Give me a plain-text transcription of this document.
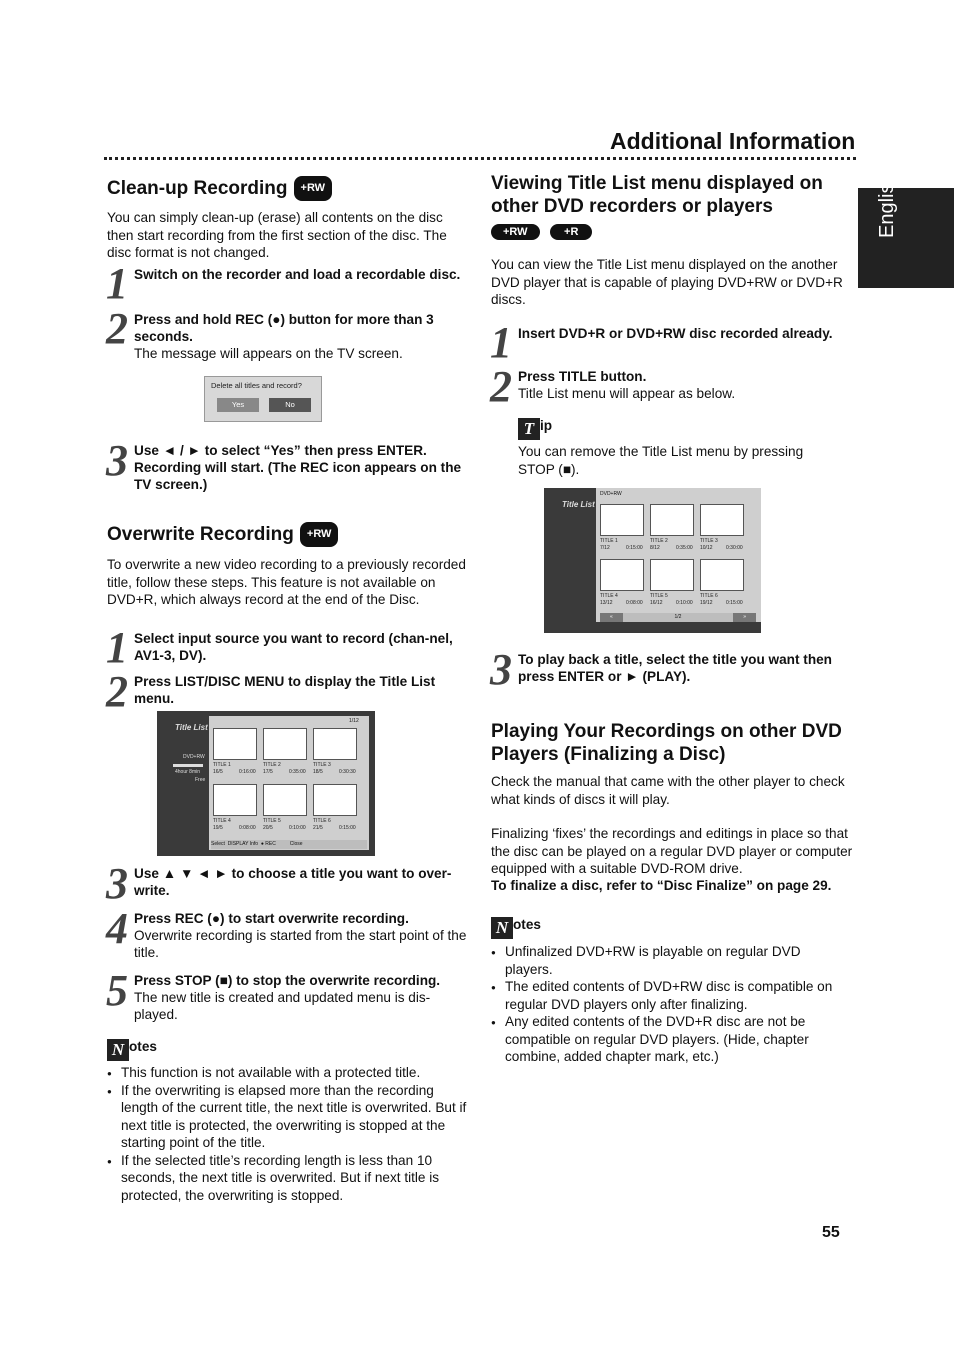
Additional Information
English
Clean-up Recording +RW
You can simply clean-up (erase) all contents on the disc then start recording from the first section of the disc. The disc format is not changed.
1 Switch on the recorder and load a recordable disc.
2 Press and hold REC (●) button for more than 3 seconds.
The message will appears on the TV screen.
Delete all titles and record?
Yes	No
3 Use ◄ / ► to select “Yes” then press ENTER. Recording will start. (The REC icon appears on the TV screen.)
Overwrite Recording +RW
To overwrite a new video recording to a previously recorded title, follow these steps. This feature is not available on DVD+R, which always record at the end of the Disc.
1 Select input source you want to record (chan-nel, AV1-3, DV).
2 Press LIST/DISC MENU to display the Title List menu.
Title List
DVD+RW
4hour 8min
Free
1/12
TITLE 1
16/5	0:16:00
TITLE 2
17/5	0:35:00
TITLE 3
18/5	0:30:30
TITLE 4
19/5	0:08:00
TITLE 5
20/5	0:10:00
TITLE 6
21/5	0:15:00
Select DISPLAY Info ● REC	Close
3 Use ▲ ▼ ◄ ► to choose a title you want to over-write.
4 Press REC (●) to start overwrite recording.
Overwrite recording is started from the start point of the title.
5 Press STOP (■) to stop the overwrite recording.
The new title is created and updated menu is dis-played.
N otes
● This function is not available with a protected title.
● If the overwriting is elapsed more than the recording length of the current title, the next title is overwrited. But if next title is protected, the overwriting is stopped at the starting point of the title.
● If the selected title’s recording length is less than 10 seconds, the next title is overwrited. But if next title is protected, the overwriting is stopped.
Viewing Title List menu displayed on other DVD recorders or players
+RW	+R
You can view the Title List menu displayed on the another DVD player that is capable of playing DVD+RW or DVD+R discs.
1 Insert DVD+R or DVD+RW disc recorded already.
2 Press TITLE button.
Title List menu will appear as below.
T ip
You can remove the Title List menu by pressing STOP (■).
Title List
DVD+RW
TITLE 1
7/12	0:15:00
TITLE 2
8/12	0:35:00
TITLE 3
10/12	0:30:00
TITLE 4
13/12	0:08:00
TITLE 5
16/12	0:10:00
TITLE 6
19/12	0:15:00
«	1/2	»
3 To play back a title, select the title you want then press ENTER or ► (PLAY).
Playing Your Recordings on other DVD Players (Finalizing a Disc)
Check the manual that came with the other player to check what kinds of discs it will play.
Finalizing ‘fixes’ the recordings and editings in place so that the disc can be played on a regular DVD player or computer equipped with a suitable DVD-ROM drive.
To finalize a disc, refer to “Disc Finalize” on page 29.
N otes
● Unfinalized DVD+RW is playable on regular DVD players.
● The edited contents of DVD+RW disc is compatible on regular DVD players only after finalizing.
● Any edited contents of the DVD+R disc are not be compatible on regular DVD players. (Hide, chapter combine, added chapter mark, etc.)
55
